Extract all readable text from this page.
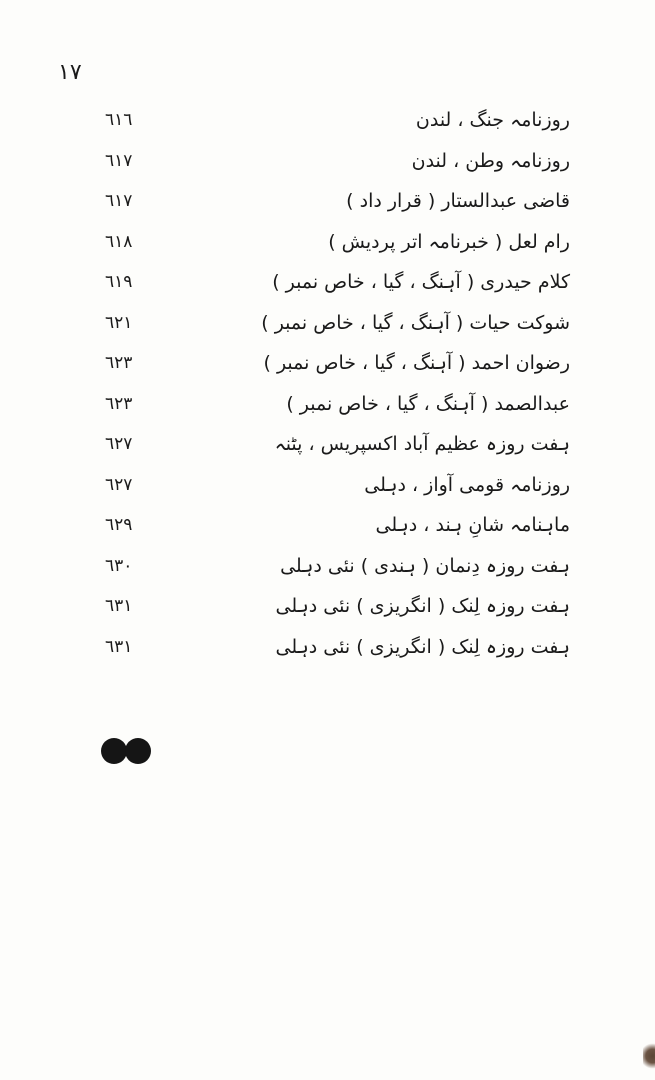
١٧
روزنامہ جنگ ، لندن
٦١٦
روزنامہ وطن ، لندن
٦١٧
قاضی عبدالستار ( قرار داد )
٦١٧
رام لعل ( خبرنامہ اتر پردیش )
٦١٨
کلام حیدری ( آہنگ ، گیا ، خاص نمبر )
٦١٩
شوکت حیات ( آہنگ ، گیا ، خاص نمبر )
٦٢١
رضوان احمد ( آہنگ ، گیا ، خاص نمبر )
٦٢٣
عبدالصمد ( آہنگ ، گیا ، خاص نمبر )
٦٢٣
ہفت روزہ عظیم آباد اکسپریس ، پٹنہ
٦٢٧
روزنامہ قومی آواز ، دہلی
٦٢٧
ماہنامہ شانِ ہند ، دہلی
٦٢٩
ہفت روزہ دِنمان ( ہندی ) نئی دہلی
٦٣٠
ہفت روزہ لِنک ( انگریزی ) نئی دہلی
٦٣١
ہفت روزہ لِنک ( انگریزی ) نئی دہلی
٦٣١
